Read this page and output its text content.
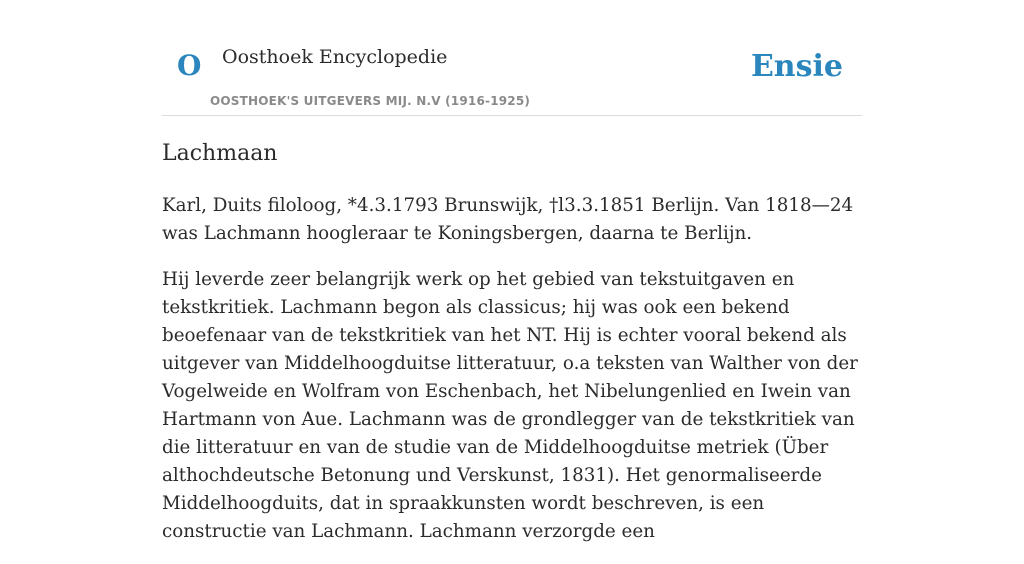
O Oosthoek Encyclopedie
OOSTHOEK'S UITGEVERS MIJ. N.V (1916-1925)
Ensie
Lachmaan

Karl, Duits filoloog, *4.3.1793 Brunswijk, †l3.3.1851 Berlijn. Van 1818—24 was Lachmann hoogleraar te Koningsbergen, daarna te Berlijn.

Hij leverde zeer belangrijk werk op het gebied van tekstuitgaven en tekstkritiek. Lachmann begon als classicus; hij was ook een bekend beoefenaar van de tekstkritiek van het NT. Hij is echter vooral bekend als uitgever van Middelhoogduitse litteratuur, o.a teksten van Walther von der Vogelweide en Wolfram von Eschenbach, het Nibelungenlied en Iwein van Hartmann von Aue. Lachmann was de grondlegger van de tekstkritiek van die litteratuur en van de studie van de Middelhoogduitse metriek (Über althochdeutsche Betonung und Verskunst, 1831). Het genormaliseerde Middelhoogduits, dat in spraakkunsten wordt beschreven, is een constructie van Lachmann. Lachmann verzorgde een
